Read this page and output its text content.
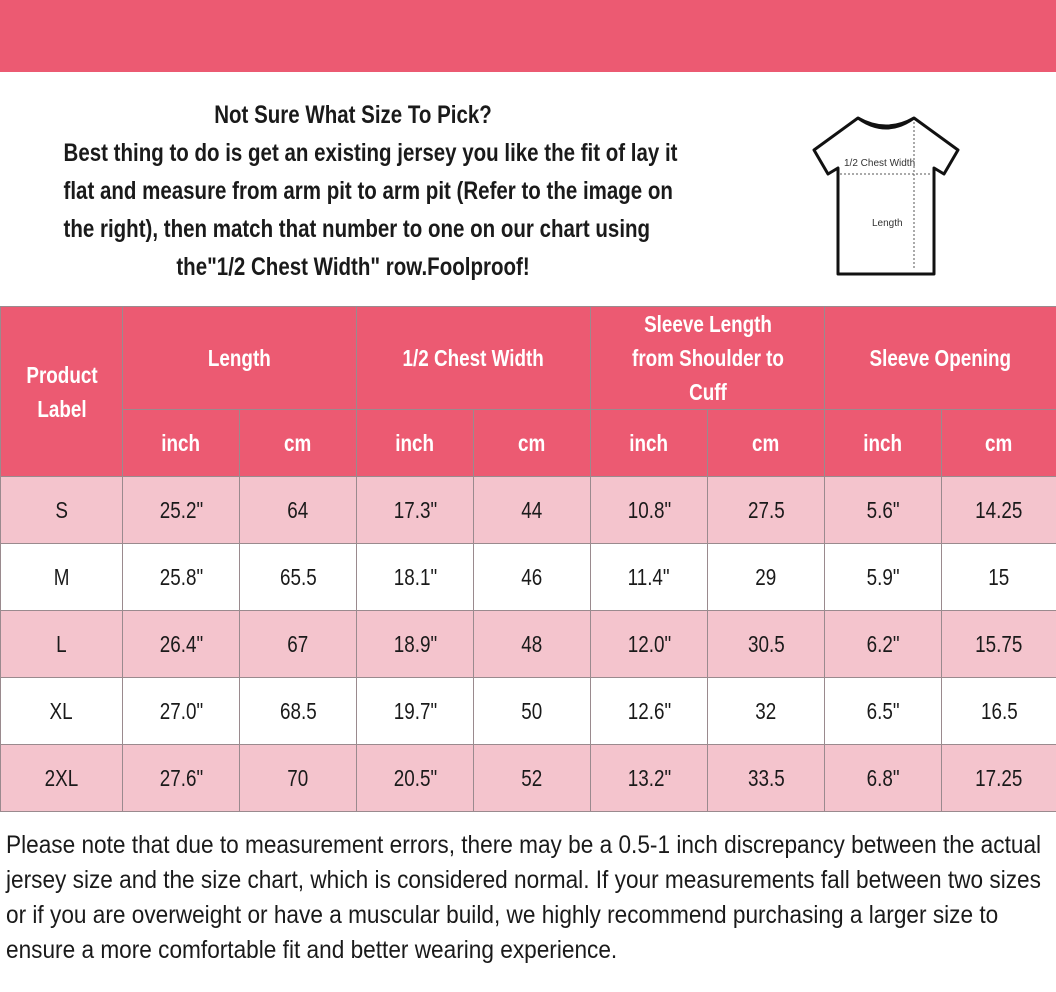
Not Sure What Size To Pick?
Best thing to do is get an existing jersey you like the fit of lay it
flat and measure from arm pit to arm pit (Refer to the image on
the right), then match that number to one on our chart using
the"1/2 Chest Width" row.Foolproof!
1/2 Chest Width
Length
Product Label	Length		1/2 Chest Width		Sleeve Length from Shoulder to Cuff		Sleeve Opening	
	inch	cm	inch	cm	inch	cm	inch	cm
S	25.2"	64	17.3"	44	10.8"	27.5	5.6"	14.25
M	25.8"	65.5	18.1"	46	11.4"	29	5.9"	15
L	26.4"	67	18.9"	48	12.0"	30.5	6.2"	15.75
XL	27.0"	68.5	19.7"	50	12.6"	32	6.5"	16.5
2XL	27.6"	70	20.5"	52	13.2"	33.5	6.8"	17.25
Please note that due to measurement errors, there may be a 0.5-1 inch discrepancy between the actual
jersey size and the size chart, which is considered normal. If your measurements fall between two sizes
or if you are overweight or have a muscular build, we highly recommend purchasing a larger size to
ensure a more comfortable fit and better wearing experience.
